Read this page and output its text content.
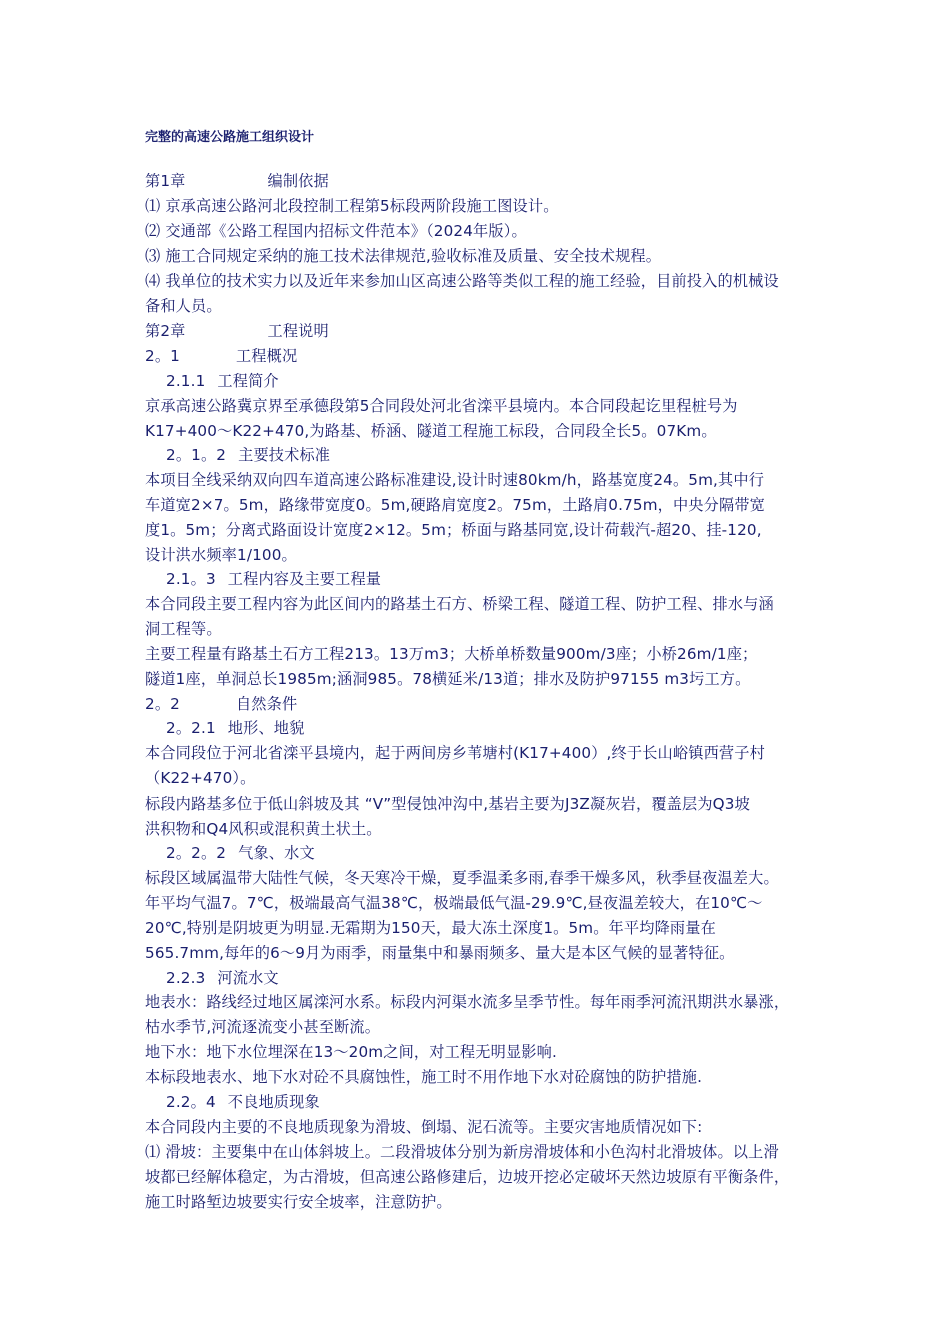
完整的高速公路施工组织设计
第1章	编制依据
⑴ 京承高速公路河北段控制工程第5标段两阶段施工图设计。
⑵ 交通部《公路工程国内招标文件范本》（2024年版）。
⑶ 施工合同规定采纳的施工技术法律规范,验收标准及质量、安全技术规程。
⑷ 我单位的技术实力以及近年来参加山区高速公路等类似工程的施工经验，目前投入的机械设
备和人员。
第2章	工程说明
2。1	工程概况
2.1.1 工程简介
京承高速公路冀京界至承德段第5合同段处河北省滦平县境内。本合同段起讫里程桩号为
K17+400～K22+470,为路基、桥涵、隧道工程施工标段，合同段全长5。07Km。
2。1。2 主要技术标准
本项目全线采纳双向四车道高速公路标准建设,设计时速80km/h，路基宽度24。5m,其中行
车道宽2×7。5m，路缘带宽度0。5m,硬路肩宽度2。75m，土路肩0.75m，中央分隔带宽
度1。5m；分离式路面设计宽度2×12。5m；桥面与路基同宽,设计荷载汽-超20、挂-120,
设计洪水频率1/100。
2.1。3 工程内容及主要工程量
本合同段主要工程内容为此区间内的路基土石方、桥梁工程、隧道工程、防护工程、排水与涵
洞工程等。
主要工程量有路基土石方工程213。13万m3；大桥单桥数量900m/3座；小桥26m/1座；
隧道1座，单洞总长1985m;涵洞985。78横延米/13道；排水及防护97155 m3圬工方。
2。2	自然条件
2。2.1 地形、地貌
本合同段位于河北省滦平县境内，起于两间房乡苇塘村(K17+400）,终于长山峪镇西营子村
（K22+470）。
标段内路基多位于低山斜坡及其 “V”型侵蚀冲沟中,基岩主要为J3Z凝灰岩，覆盖层为Q3坡
洪积物和Q4风积或混积黄土状土。
2。2。2 气象、水文
标段区域属温带大陆性气候，冬天寒冷干燥，夏季温柔多雨,春季干燥多风，秋季昼夜温差大。
年平均气温7。7℃，极端最高气温38℃，极端最低气温-29.9℃,昼夜温差较大，在10℃～
20℃,特别是阴坡更为明显.无霜期为150天，最大冻土深度1。5m。年平均降雨量在
565.7mm,每年的6～9月为雨季，雨量集中和暴雨频多、量大是本区气候的显著特征。
2.2.3 河流水文
地表水：路线经过地区属滦河水系。标段内河渠水流多呈季节性。每年雨季河流汛期洪水暴涨，
枯水季节,河流逐流变小甚至断流。
地下水：地下水位埋深在13～20m之间，对工程无明显影响.
本标段地表水、地下水对砼不具腐蚀性，施工时不用作地下水对砼腐蚀的防护措施.
2.2。4 不良地质现象
本合同段内主要的不良地质现象为滑坡、倒塌、泥石流等。主要灾害地质情况如下:
⑴ 滑坡：主要集中在山体斜坡上。二段滑坡体分别为新房滑坡体和小色沟村北滑坡体。以上滑
坡都已经解体稳定，为古滑坡，但高速公路修建后，边坡开挖必定破坏天然边坡原有平衡条件，
施工时路堑边坡要实行安全坡率，注意防护。
